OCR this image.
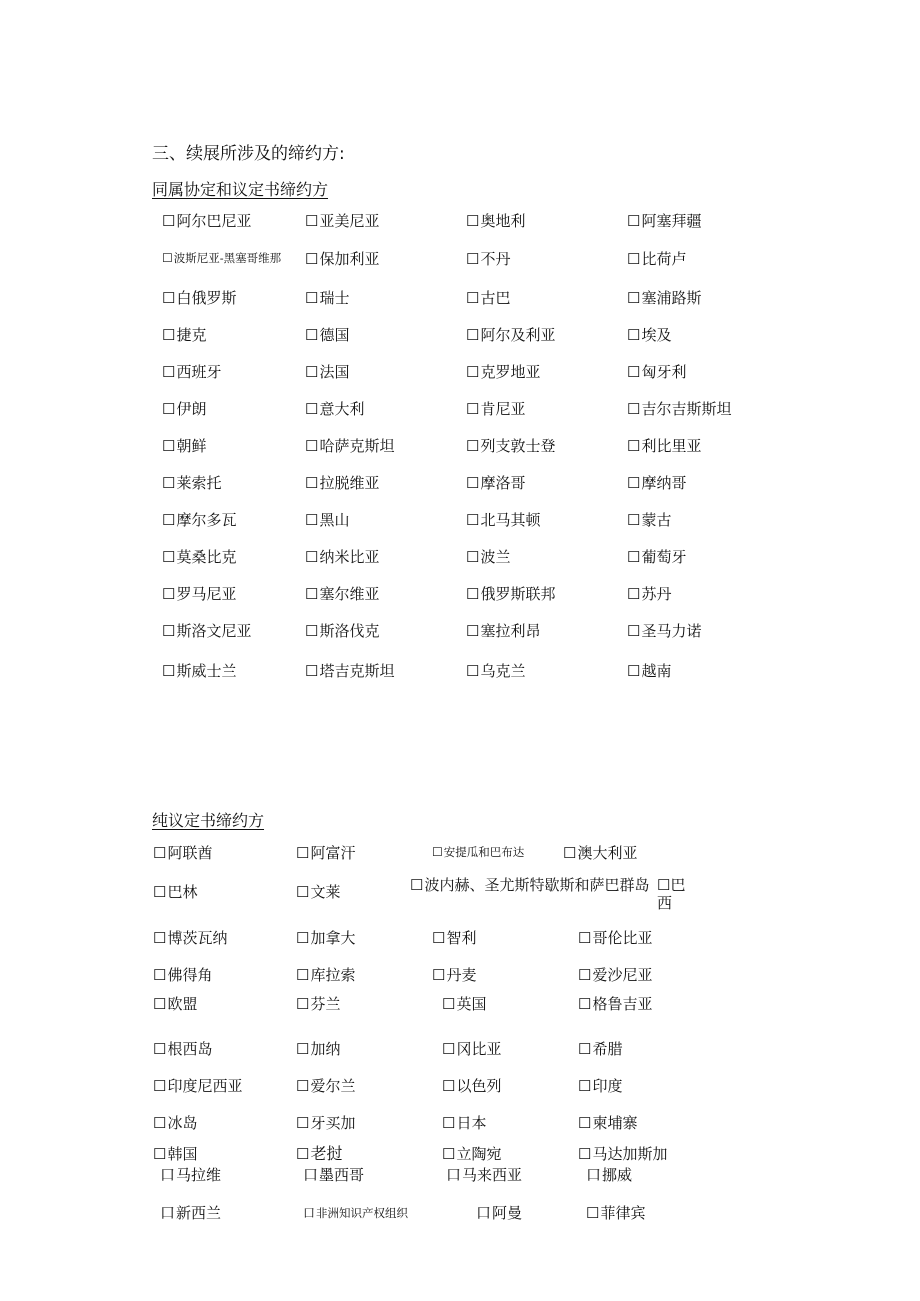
三、续展所涉及的缔约方:
同属协定和议定书缔约方
纯议定书缔约方
☐阿尔巴尼亚	☐亚美尼亚	☐奥地利	☐阿塞拜疆
☐波斯尼亚-黑塞哥维那 ☐保加利亚	☐不丹	☐比荷卢
☐白俄罗斯	☐瑞士	☐古巴	☐塞浦路斯
☐捷克	☐德国	☐阿尔及利亚	☐埃及
☐西班牙	☐法国	☐克罗地亚	☐匈牙利
☐伊朗	☐意大利	☐肯尼亚	☐吉尔吉斯斯坦
☐朝鲜	☐哈萨克斯坦	☐列支敦士登	☐利比里亚
☐莱索托	☐拉脱维亚	☐摩洛哥	☐摩纳哥
☐摩尔多瓦	☐黑山	☐北马其顿	☐蒙古
☐莫桑比克	☐纳米比亚	☐波兰	☐葡萄牙
☐罗马尼亚	☐塞尔维亚	☐俄罗斯联邦	☐苏丹
☐斯洛文尼亚	☐斯洛伐克	☐塞拉利昂	☐圣马力诺
☐斯威士兰	☐塔吉克斯坦	☐乌克兰	☐越南
☐阿联酋	☐阿富汗	☐安提瓜和巴布达	☐澳大利亚
☐巴林	☐文莱	☐波内赫、圣尤斯特歇斯和萨巴群岛 ☐巴西
☐博茨瓦纳	☐加拿大	☐智利	☐哥伦比亚
☐佛得角	☐库拉索	☐丹麦	☐爱沙尼亚
☐欧盟	☐芬兰	☐英国	☐格鲁吉亚
☐根西岛	☐加纳	☐冈比亚	☐希腊
☐印度尼西亚	☐爱尔兰	☐以色列	☐印度
☐冰岛	☐牙买加	☐日本	☐柬埔寨
☐韩国	☐老挝	☐立陶宛	☐马达加斯加
口马拉维	口墨西哥	口马来西亚	口挪威
口新西兰	口非洲知识产权组织	口阿曼	☐菲律宾
